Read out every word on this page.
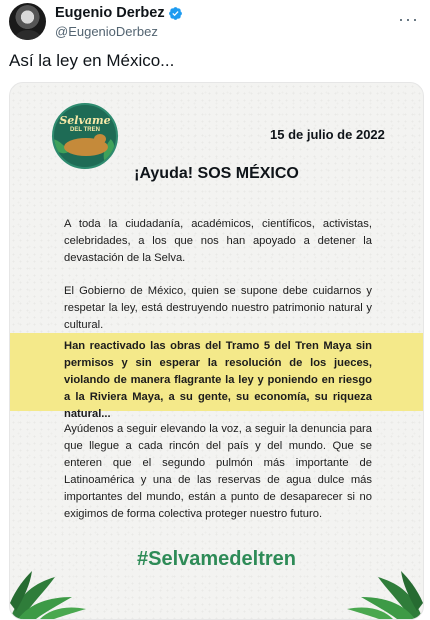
Eugenio Derbez
@EugenioDerbez
···
Así la ley en México...
Selvame
DEL TREN	15 de julio de 2022
¡Ayuda! SOS MÉXICO
A toda la ciudadanía, académicos, científicos, activistas, celebridades, a los que nos han apoyado a detener la devastación de la Selva.
El Gobierno de México, quien se supone debe cuidarnos y respetar la ley, está destruyendo nuestro patrimonio natural y cultural.
Han reactivado las obras del Tramo 5 del Tren Maya sin permisos y sin esperar la resolución de los jueces, violando de manera flagrante la ley y poniendo en riesgo a la Riviera Maya, a su gente, su economía, su riqueza natural...
Ayúdenos a seguir elevando la voz, a seguir la denuncia para que llegue a cada rincón del país y del mundo. Que se enteren que el segundo pulmón más importante de Latinoamérica y una de las reservas de agua dulce más importantes del mundo, están a punto de desaparecer si no exigimos de forma colectiva proteger nuestro futuro.
#Selvamedeltren
